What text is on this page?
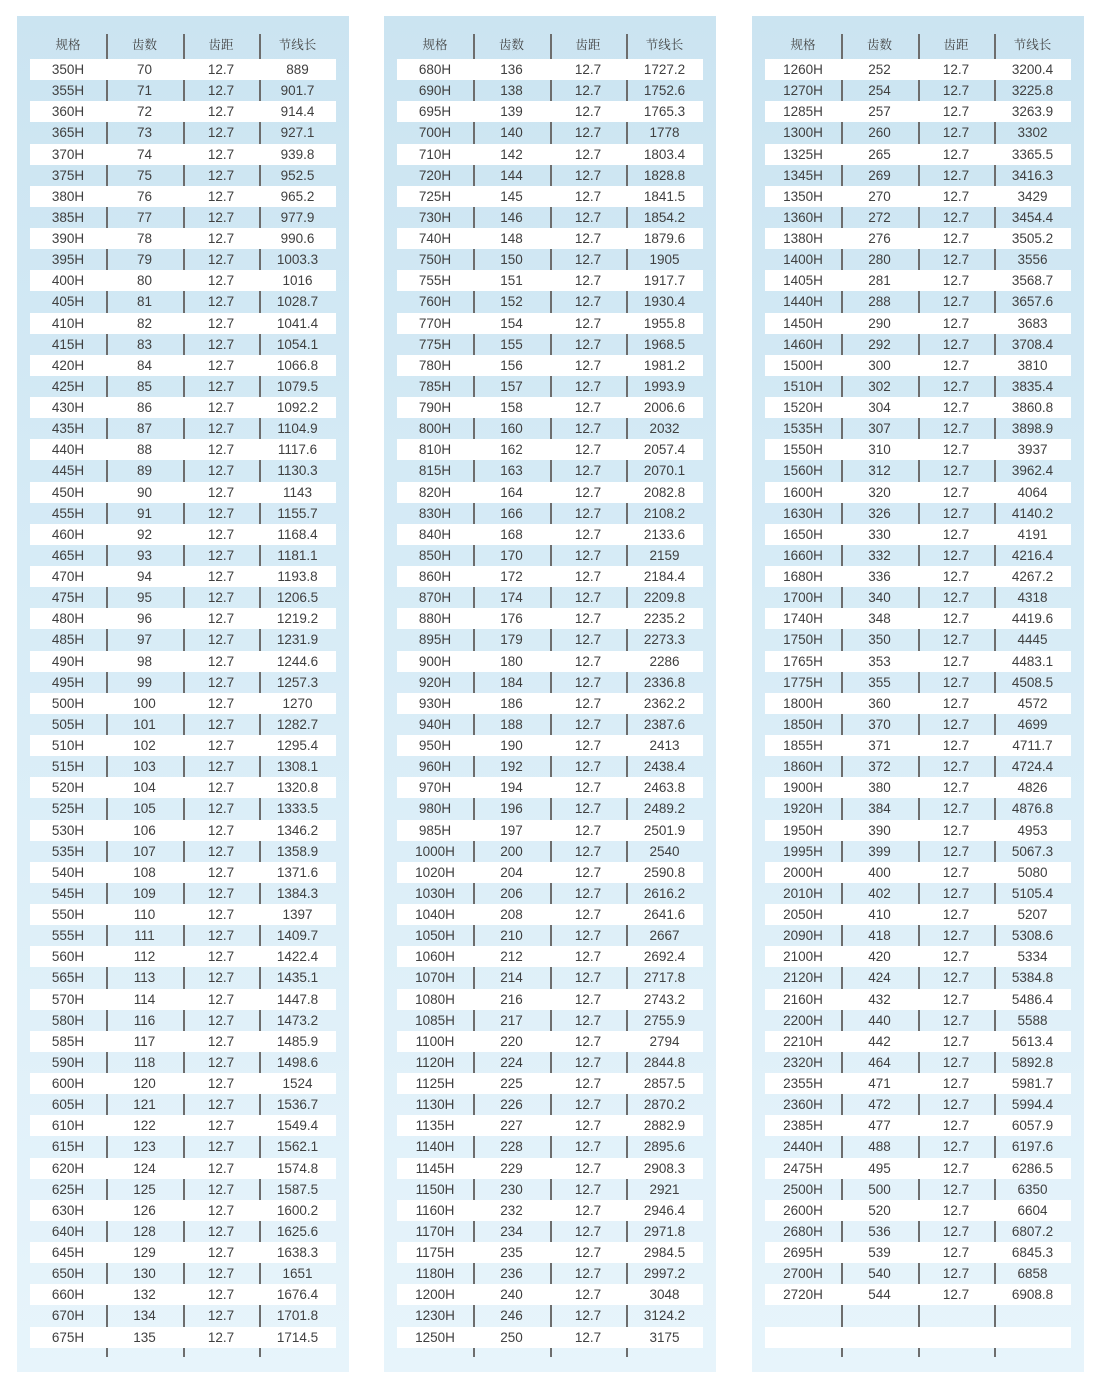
规格	齿数	齿距	节线长
350H	70	12.7	889
355H	71	12.7	901.7
360H	72	12.7	914.4
365H	73	12.7	927.1
370H	74	12.7	939.8
375H	75	12.7	952.5
380H	76	12.7	965.2
385H	77	12.7	977.9
390H	78	12.7	990.6
395H	79	12.7	1003.3
400H	80	12.7	1016
405H	81	12.7	1028.7
410H	82	12.7	1041.4
415H	83	12.7	1054.1
420H	84	12.7	1066.8
425H	85	12.7	1079.5
430H	86	12.7	1092.2
435H	87	12.7	1104.9
440H	88	12.7	1117.6
445H	89	12.7	1130.3
450H	90	12.7	1143
455H	91	12.7	1155.7
460H	92	12.7	1168.4
465H	93	12.7	1181.1
470H	94	12.7	1193.8
475H	95	12.7	1206.5
480H	96	12.7	1219.2
485H	97	12.7	1231.9
490H	98	12.7	1244.6
495H	99	12.7	1257.3
500H	100	12.7	1270
505H	101	12.7	1282.7
510H	102	12.7	1295.4
515H	103	12.7	1308.1
520H	104	12.7	1320.8
525H	105	12.7	1333.5
530H	106	12.7	1346.2
535H	107	12.7	1358.9
540H	108	12.7	1371.6
545H	109	12.7	1384.3
550H	110	12.7	1397
555H	111	12.7	1409.7
560H	112	12.7	1422.4
565H	113	12.7	1435.1
570H	114	12.7	1447.8
580H	116	12.7	1473.2
585H	117	12.7	1485.9
590H	118	12.7	1498.6
600H	120	12.7	1524
605H	121	12.7	1536.7
610H	122	12.7	1549.4
615H	123	12.7	1562.1
620H	124	12.7	1574.8
625H	125	12.7	1587.5
630H	126	12.7	1600.2
640H	128	12.7	1625.6
645H	129	12.7	1638.3
650H	130	12.7	1651
660H	132	12.7	1676.4
670H	134	12.7	1701.8
675H	135	12.7	1714.5
规格	齿数	齿距	节线长
680H	136	12.7	1727.2
690H	138	12.7	1752.6
695H	139	12.7	1765.3
700H	140	12.7	1778
710H	142	12.7	1803.4
720H	144	12.7	1828.8
725H	145	12.7	1841.5
730H	146	12.7	1854.2
740H	148	12.7	1879.6
750H	150	12.7	1905
755H	151	12.7	1917.7
760H	152	12.7	1930.4
770H	154	12.7	1955.8
775H	155	12.7	1968.5
780H	156	12.7	1981.2
785H	157	12.7	1993.9
790H	158	12.7	2006.6
800H	160	12.7	2032
810H	162	12.7	2057.4
815H	163	12.7	2070.1
820H	164	12.7	2082.8
830H	166	12.7	2108.2
840H	168	12.7	2133.6
850H	170	12.7	2159
860H	172	12.7	2184.4
870H	174	12.7	2209.8
880H	176	12.7	2235.2
895H	179	12.7	2273.3
900H	180	12.7	2286
920H	184	12.7	2336.8
930H	186	12.7	2362.2
940H	188	12.7	2387.6
950H	190	12.7	2413
960H	192	12.7	2438.4
970H	194	12.7	2463.8
980H	196	12.7	2489.2
985H	197	12.7	2501.9
1000H	200	12.7	2540
1020H	204	12.7	2590.8
1030H	206	12.7	2616.2
1040H	208	12.7	2641.6
1050H	210	12.7	2667
1060H	212	12.7	2692.4
1070H	214	12.7	2717.8
1080H	216	12.7	2743.2
1085H	217	12.7	2755.9
1100H	220	12.7	2794
1120H	224	12.7	2844.8
1125H	225	12.7	2857.5
1130H	226	12.7	2870.2
1135H	227	12.7	2882.9
1140H	228	12.7	2895.6
1145H	229	12.7	2908.3
1150H	230	12.7	2921
1160H	232	12.7	2946.4
1170H	234	12.7	2971.8
1175H	235	12.7	2984.5
1180H	236	12.7	2997.2
1200H	240	12.7	3048
1230H	246	12.7	3124.2
1250H	250	12.7	3175
规格	齿数	齿距	节线长
1260H	252	12.7	3200.4
1270H	254	12.7	3225.8
1285H	257	12.7	3263.9
1300H	260	12.7	3302
1325H	265	12.7	3365.5
1345H	269	12.7	3416.3
1350H	270	12.7	3429
1360H	272	12.7	3454.4
1380H	276	12.7	3505.2
1400H	280	12.7	3556
1405H	281	12.7	3568.7
1440H	288	12.7	3657.6
1450H	290	12.7	3683
1460H	292	12.7	3708.4
1500H	300	12.7	3810
1510H	302	12.7	3835.4
1520H	304	12.7	3860.8
1535H	307	12.7	3898.9
1550H	310	12.7	3937
1560H	312	12.7	3962.4
1600H	320	12.7	4064
1630H	326	12.7	4140.2
1650H	330	12.7	4191
1660H	332	12.7	4216.4
1680H	336	12.7	4267.2
1700H	340	12.7	4318
1740H	348	12.7	4419.6
1750H	350	12.7	4445
1765H	353	12.7	4483.1
1775H	355	12.7	4508.5
1800H	360	12.7	4572
1850H	370	12.7	4699
1855H	371	12.7	4711.7
1860H	372	12.7	4724.4
1900H	380	12.7	4826
1920H	384	12.7	4876.8
1950H	390	12.7	4953
1995H	399	12.7	5067.3
2000H	400	12.7	5080
2010H	402	12.7	5105.4
2050H	410	12.7	5207
2090H	418	12.7	5308.6
2100H	420	12.7	5334
2120H	424	12.7	5384.8
2160H	432	12.7	5486.4
2200H	440	12.7	5588
2210H	442	12.7	5613.4
2320H	464	12.7	5892.8
2355H	471	12.7	5981.7
2360H	472	12.7	5994.4
2385H	477	12.7	6057.9
2440H	488	12.7	6197.6
2475H	495	12.7	6286.5
2500H	500	12.7	6350
2600H	520	12.7	6604
2680H	536	12.7	6807.2
2695H	539	12.7	6845.3
2700H	540	12.7	6858
2720H	544	12.7	6908.8
